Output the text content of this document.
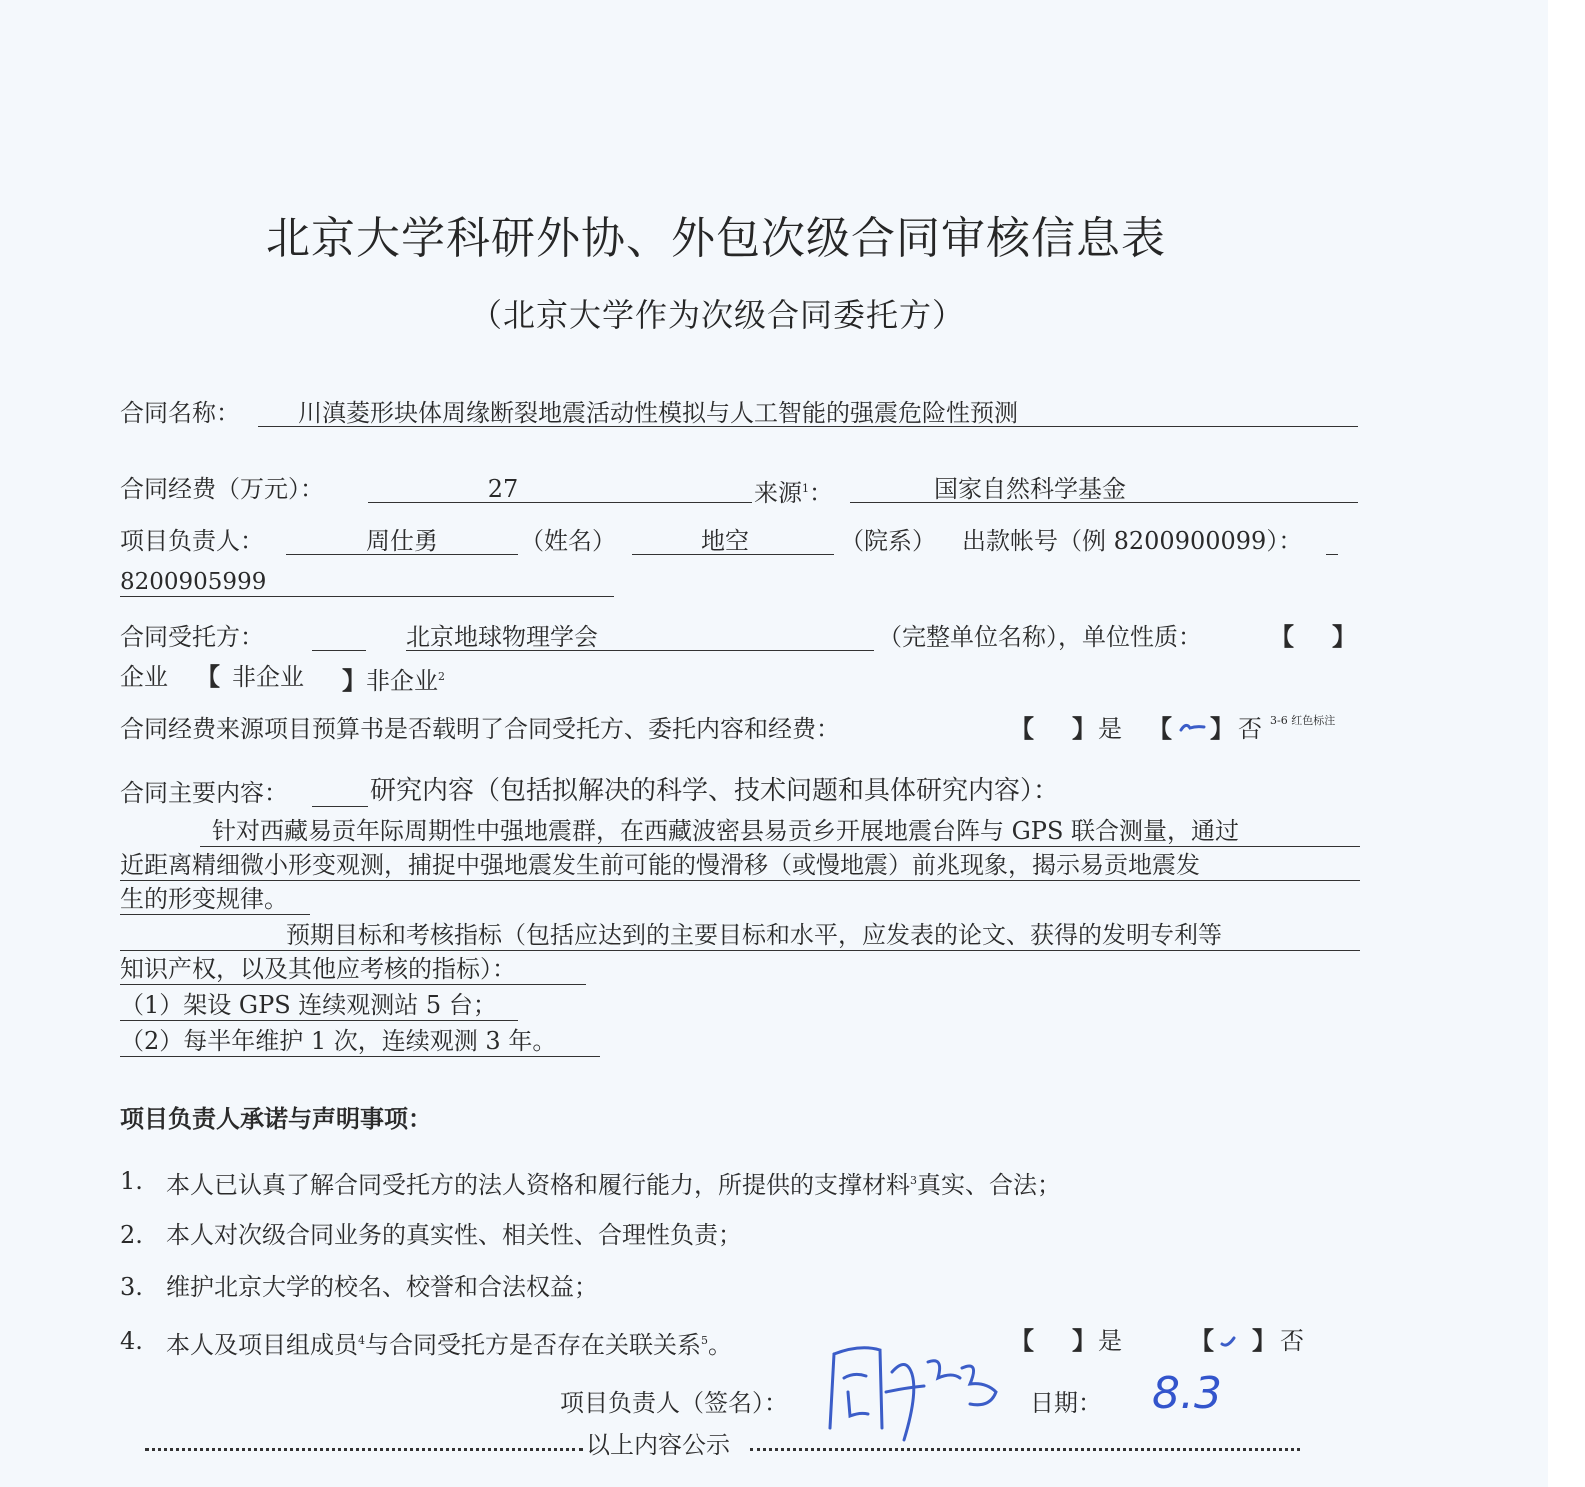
北京大学科研外协、外包次级合同审核信息表
（北京大学作为次级合同委托方）
合同名称： 川滇菱形块体周缘断裂地震活动性模拟与人工智能的强震危险性预测
合同经费（万元）：	27	来源$^1$：	国家自然科学基金
项目负责人：	周仕勇	（姓名）	地空	（院系） 出款帐号（例 8200900099）：
8200905999
合同受托方：	北京地球物理学会	（完整单位名称），单位性质：	【 】
企业 【 非企业 】非企业$^2$
合同经费来源项目预算书是否载明了合同受托方、委托内容和经费：	【 】 是 【 】 否 3-6 红色标注
合同主要内容：	研究内容（包括拟解决的科学、技术问题和具体研究内容）：
针对西藏易贡年际周期性中强地震群，在西藏波密县易贡乡开展地震台阵与 GPS 联合测量，通过
近距离精细微小形变观测，捕捉中强地震发生前可能的慢滑移（或慢地震）前兆现象，揭示易贡地震发
生的形变规律。
预期目标和考核指标（包括应达到的主要目标和水平，应发表的论文、获得的发明专利等
知识产权，以及其他应考核的指标）：
（1）架设 GPS 连续观测站 5 台；
（2）每半年维护 1 次，连续观测 3 年。
项目负责人承诺与声明事项：
1. 本人已认真了解合同受托方的法人资格和履行能力，所提供的支撑材料$^3$真实、合法；
2. 本人对次级合同业务的真实性、相关性、合理性负责；
3. 维护北京大学的校名、校誉和合法权益；
4. 本人及项目组成员$^4$与合同受托方是否存在关联关系$^5$。	【 】 是	【 】 否
项目负责人（签名）：	日期： 8.3
以上内容公示
